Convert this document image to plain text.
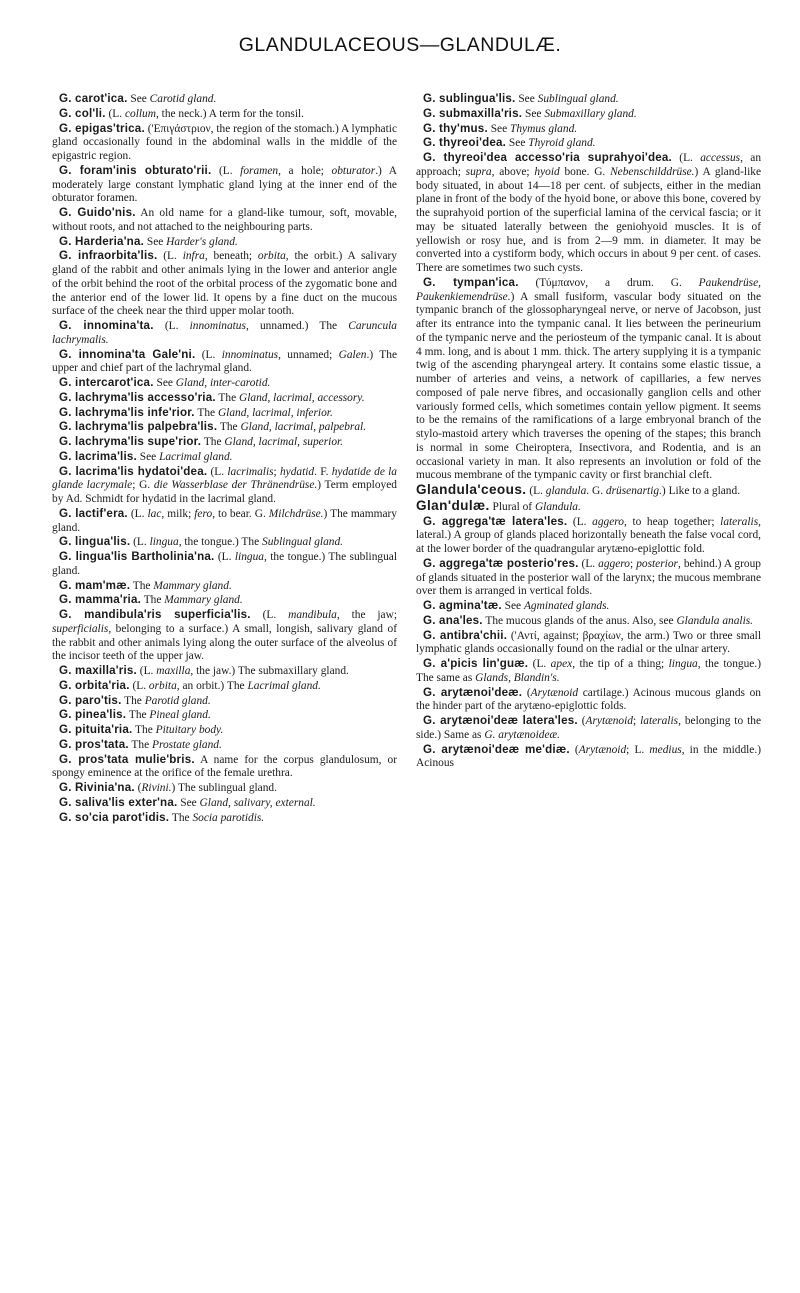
GLANDULACEOUS—GLANDULÆ.

G. carot'ica. See Carotid gland.

G. col'li. (L. collum, the neck.) A term for the tonsil.

G. epigas'trica. ('Επιγάστριον, the region of the stomach.) A lymphatic gland occasionally found in the abdominal walls in the middle of the epigastric region.

G. foram'inis obturato'rii. (L. foramen, a hole; obturator.) A moderately large constant lymphatic gland lying at the inner end of the obturator foramen.

G. Guido'nis. An old name for a gland-like tumour, soft, movable, without roots, and not attached to the neighbouring parts.

G. Harderia'na. See Harder's gland.

G. infraorbita'lis. (L. infra, beneath; orbita, the orbit.) A salivary gland of the rabbit and other animals lying in the lower and anterior angle of the orbit behind the root of the orbital process of the zygomatic bone and the anterior end of the lower lid. It opens by a fine duct on the mucous surface of the cheek near the third upper molar tooth.

G. innomina'ta. (L. innominatus, unnamed.) The Caruncula lachrymalis.

G. innomina'ta Gale'ni. (L. innominatus, unnamed; Galen.) The upper and chief part of the lachrymal gland.

G. intercarot'ica. See Gland, inter-carotid.

G. lachryma'lis accesso'ria. The Gland, lacrimal, accessory.

G. lachryma'lis infe'rior. The Gland, lacrimal, inferior.

G. lachryma'lis palpebra'lis. The Gland, lacrimal, palpebral.

G. lachryma'lis supe'rior. The Gland, lacrimal, superior.

G. lacrima'lis. See Lacrimal gland.

G. lacrima'lis hydatoi'dea. (L. lacrimalis; hydatid. F. hydatide de la glande lacrymale; G. die Wasserblase der Thränendrüse.) Term employed by Ad. Schmidt for hydatid in the lacrimal gland.

G. lactif'era. (L. lac, milk; fero, to bear. G. Milchdrüse.) The mammary gland.

G. lingua'lis. (L. lingua, the tongue.) The Sublingual gland.

G. lingua'lis Bartholinia'na. (L. lingua, the tongue.) The sublingual gland.

G. mam'mæ. The Mammary gland.

G. mamma'ria. The Mammary gland.

G. mandibula'ris superficia'lis. (L. mandibula, the jaw; superficialis, belonging to a surface.) A small, longish, salivary gland of the rabbit and other animals lying along the outer surface of the alveolus of the incisor teeth of the upper jaw.

G. maxilla'ris. (L. maxilla, the jaw.) The submaxillary gland.

G. orbita'ria. (L. orbita, an orbit.) The Lacrimal gland.

G. paro'tis. The Parotid gland.

G. pinea'lis. The Pineal gland.

G. pituita'ria. The Pituitary body.

G. pros'tata. The Prostate gland.

G. pros'tata mulie'bris. A name for the corpus glandulosum, or spongy eminence at the orifice of the female urethra.

G. Rivinia'na. (Rivini.) The sublingual gland.

G. saliva'lis exter'na. See Gland, salivary, external.

G. so'cia parot'idis. The Socia parotidis.

G. sublingua'lis. See Sublingual gland.

G. submaxilla'ris. See Submaxillary gland.

G. thy'mus. See Thymus gland.

G. thyreoi'dea. See Thyroid gland.

G. thyreoi'dea accesso'ria suprahyoi'dea. (L. accessus, an approach; supra, above; hyoid bone. G. Nebenschilddrüse.) A gland-like body situated, in about 14—18 per cent. of subjects, either in the median plane in front of the body of the hyoid bone, or above this bone, covered by the suprahyoid portion of the superficial lamina of the cervical fascia; or it may be situated laterally between the geniohyoid muscles. It is of yellowish or rosy hue, and is from 2—9 mm. in diameter. It may be converted into a cystiform body, which occurs in about 9 per cent. of cases. There are sometimes two such cysts.

G. tympan'ica. (Τύμπανον, a drum. G. Paukendrüse, Paukenkiemendrüse.) A small fusiform, vascular body situated on the tympanic branch of the glossopharyngeal nerve, or nerve of Jacobson, just after its entrance into the tympanic canal. It lies between the perineurium of the tympanic nerve and the periosteum of the tympanic canal. It is about 4 mm. long, and is about 1 mm. thick. The artery supplying it is a tympanic twig of the ascending pharyngeal artery. It contains some elastic tissue, a number of arteries and veins, a network of capillaries, a few nerves composed of pale nerve fibres, and occasionally ganglion cells and other variously formed cells, which sometimes contain yellow pigment. It seems to be the remains of the ramifications of a large embryonal branch of the stylo-mastoid artery which traverses the opening of the stapes; this branch is normal in some Cheiroptera, Insectivora, and Rodentia, and is an occasional variety in man. It also represents an involution or fold of the mucous membrane of the tympanic cavity or first branchial cleft.

Glandula'ceous. (L. glandula. G. drüsenartig.) Like to a gland.

Glan'dulæ. Plural of Glandula.

G. aggrega'tæ latera'les. (L. aggero, to heap together; lateralis, lateral.) A group of glands placed horizontally beneath the false vocal cord, at the lower border of the quadrangular arytæno-epiglottic fold.

G. aggrega'tæ posterio'res. (L. aggero; posterior, behind.) A group of glands situated in the posterior wall of the larynx; the mucous membrane over them is arranged in vertical folds.

G. agmina'tæ. See Agminated glands.

G. ana'les. The mucous glands of the anus. Also, see Glandula analis.

G. antibra'chii. ('Αντί, against; βραχίων, the arm.) Two or three small lymphatic glands occasionally found on the radial or the ulnar artery.

G. a'picis lin'guæ. (L. apex, the tip of a thing; lingua, the tongue.) The same as Glands, Blandin's.

G. arytænoi'deæ. (Arytænoid cartilage.) Acinous mucous glands on the hinder part of the arytæno-epiglottic folds.

G. arytænoi'deæ latera'les. (Arytænoid; lateralis, belonging to the side.) Same as G. arytænoideæ.

G. arytænoi'deæ me'diæ. (Arytænoid; L. medius, in the middle.) Acinous
